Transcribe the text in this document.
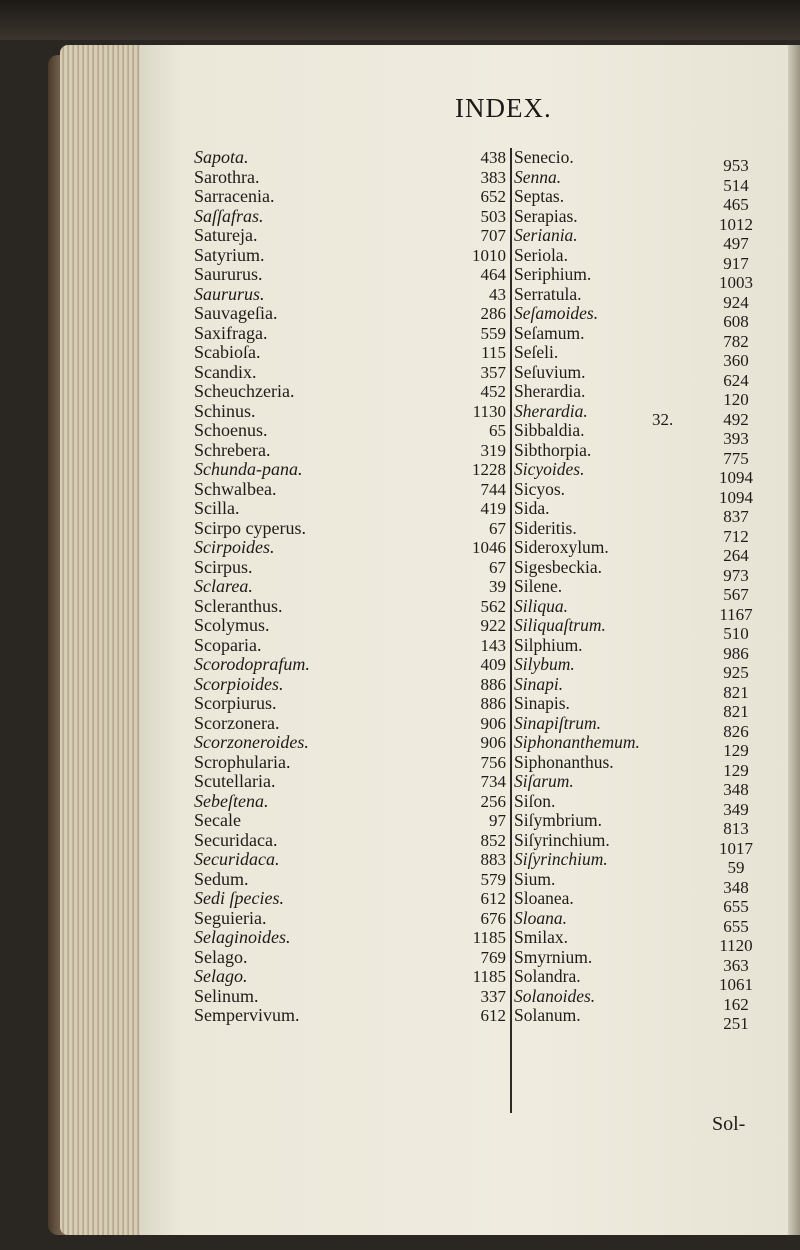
INDEX.
Sapota.
Sarothra.
Sarracenia.
Saſſafras.
Satureja.
Satyrium.
Saururus.
Saururus.
Sauvageſia.
Saxifraga.
Scabioſa.
Scandix.
Scheuchzeria.
Schinus.
Schoenus.
Schrebera.
Schunda-pana.
Schwalbea.
Scilla.
Scirpo cyperus.
Scirpoides.
Scirpus.
Sclarea.
Scleranthus.
Scolymus.
Scoparia.
Scorodoprafum.
Scorpioides.
Scorpiurus.
Scorzonera.
Scorzoneroides.
Scrophularia.
Scutellaria.
Sebeſtena.
Secale
Securidaca.
Securidaca.
Sedum.
Sedi ſpecies.
Seguieria.
Selaginoides.
Selago.
Selago.
Selinum.
Sempervivum.
438
383
652
503
707
1010
464
43
286
559
115
357
452
1130
65
319
1228
744
419
67
1046
67
39
562
922
143
409
886
886
906
906
756
734
256
97
852
883
579
612
676
1185
769
1185
337
612
Senecio.
Senna.
Septas.
Serapias.
Seriania.
Seriola.
Seriphium.
Serratula.
Seſamoides.
Seſamum.
Seſeli.
Seſuvium.
Sherardia.
Sherardia.
Sibbaldia.
Sibthorpia.
Sicyoides.
Sicyos.
Sida.
Sideritis.
Sideroxylum.
Sigesbeckia.
Silene.
Siliqua.
Siliquaſtrum.
Silphium.
Silybum.
Sinapi.
Sinapis.
Sinapiſtrum.
Siphonanthemum.
Siphonanthus.
Siſarum.
Siſon.
Siſymbrium.
Siſyrinchium.
Siſyrinchium.
Sium.
Sloanea.
Sloana.
Smilax.
Smyrnium.
Solandra.
Solanoides.
Solanum.
953
514
465
1012
497
917
1003
924
608
782
360
624
120
492
393
775
1094
1094
837
712
264
973
567
1167
510
986
925
821
821
826
129
129
348
349
813
1017
59
348
655
655
1120
363
1061
162
251
32.
Sol-
